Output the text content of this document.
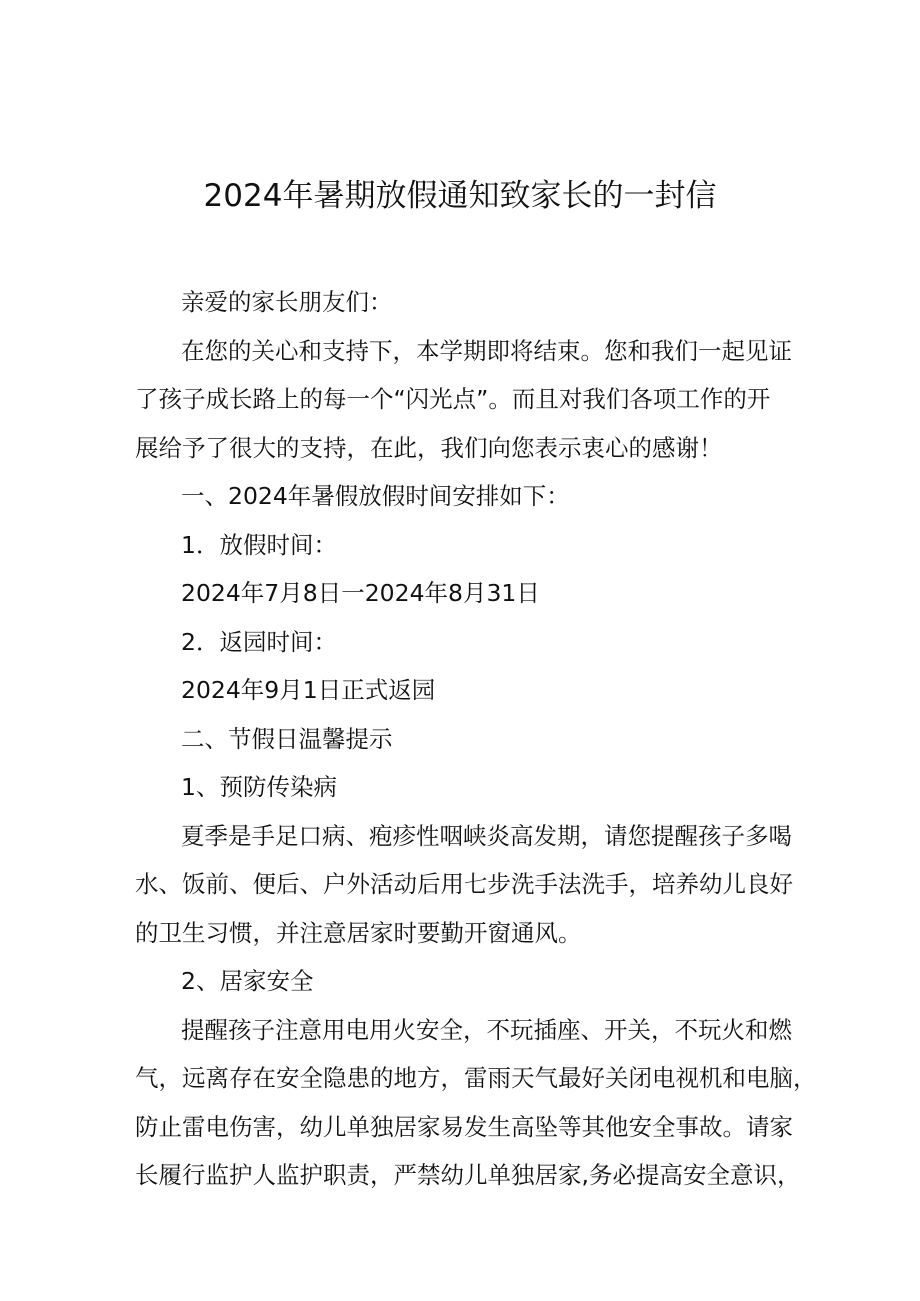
2024年暑期放假通知致家长的一封信

亲爱的家长朋友们：

在您的关心和支持下，本学期即将结束。您和我们一起见证

了孩子成长路上的每一个“闪光点”。而且对我们各项工作的开

展给予了很大的支持，在此，我们向您表示衷心的感谢！

一、2024年暑假放假时间安排如下：

1．放假时间：

2024年7月8日一2024年8月31日

2．返园时间：

2024年9月1日正式返园

二、节假日温馨提示

1、预防传染病

夏季是手足口病、疱疹性咽峡炎高发期，请您提醒孩子多喝

水、饭前、便后、户外活动后用七步洗手法洗手，培养幼儿良好

的卫生习惯，并注意居家时要勤开窗通风。

2、居家安全

提醒孩子注意用电用火安全，不玩插座、开关，不玩火和燃

气，远离存在安全隐患的地方，雷雨天气最好关闭电视机和电脑，

防止雷电伤害，幼儿单独居家易发生高坠等其他安全事故。请家

长履行监护人监护职责，严禁幼儿单独居家,务必提高安全意识，
